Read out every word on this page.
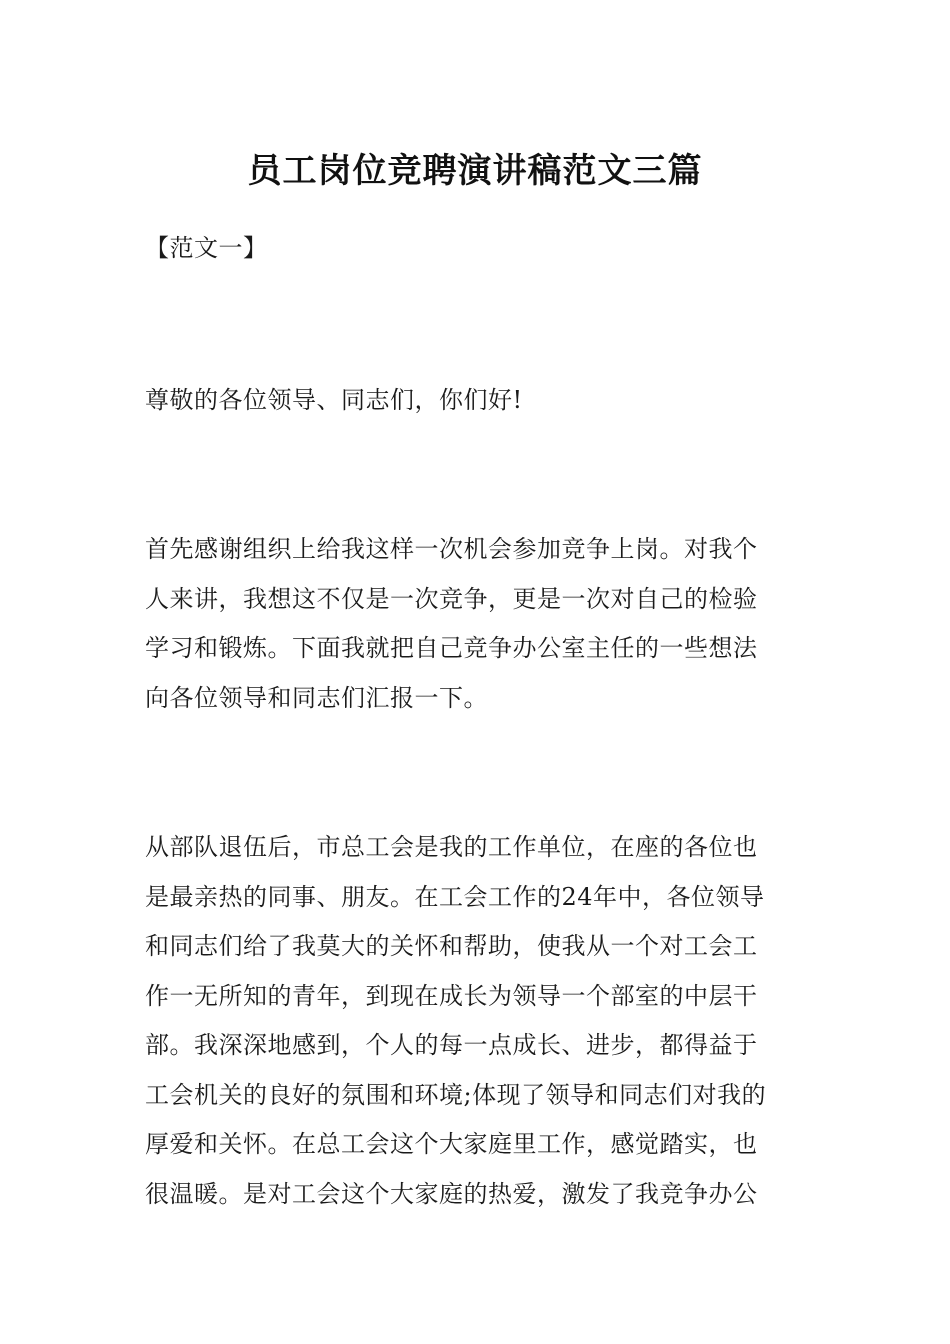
员工岗位竞聘演讲稿范文三篇
【范文一】
尊敬的各位领导、同志们，你们好!
首先感谢组织上给我这样一次机会参加竞争上岗。对我个
人来讲，我想这不仅是一次竞争，更是一次对自己的检验
学习和锻炼。下面我就把自己竞争办公室主任的一些想法
向各位领导和同志们汇报一下。
从部队退伍后，市总工会是我的工作单位，在座的各位也
是最亲热的同事、朋友。在工会工作的24年中，各位领导
和同志们给了我莫大的关怀和帮助，使我从一个对工会工
作一无所知的青年，到现在成长为领导一个部室的中层干
部。我深深地感到，个人的每一点成长、进步，都得益于
工会机关的良好的氛围和环境;体现了领导和同志们对我的
厚爱和关怀。在总工会这个大家庭里工作，感觉踏实，也
很温暖。是对工会这个大家庭的热爱，激发了我竞争办公
